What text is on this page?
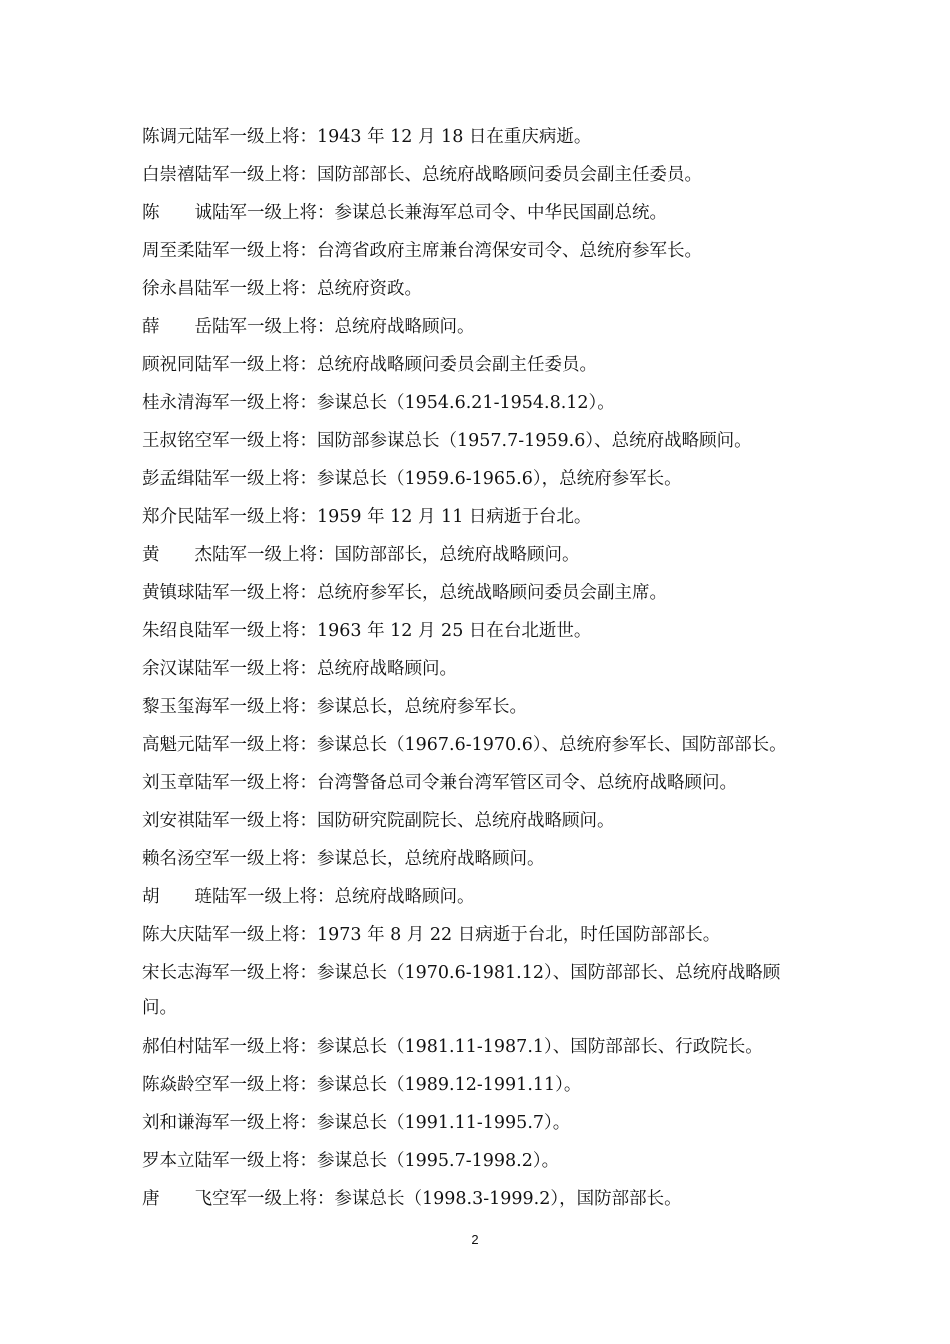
陈调元陆军一级上将：1943 年 12 月 18 日在重庆病逝。
白崇禧陆军一级上将：国防部部长、总统府战略顾问委员会副主任委员。
陈　　诚陆军一级上将：参谋总长兼海军总司令、中华民国副总统。
周至柔陆军一级上将：台湾省政府主席兼台湾保安司令、总统府参军长。
徐永昌陆军一级上将：总统府资政。
薛　　岳陆军一级上将：总统府战略顾问。
顾祝同陆军一级上将：总统府战略顾问委员会副主任委员。
桂永清海军一级上将：参谋总长（1954.6.21-1954.8.12）。
王叔铭空军一级上将：国防部参谋总长（1957.7-1959.6）、总统府战略顾问。
彭孟缉陆军一级上将：参谋总长（1959.6-1965.6），总统府参军长。
郑介民陆军一级上将：1959 年 12 月 11 日病逝于台北。
黄　　杰陆军一级上将：国防部部长，总统府战略顾问。
黄镇球陆军一级上将：总统府参军长，总统战略顾问委员会副主席。
朱绍良陆军一级上将：1963 年 12 月 25 日在台北逝世。
余汉谋陆军一级上将：总统府战略顾问。
黎玉玺海军一级上将：参谋总长，总统府参军长。
高魁元陆军一级上将：参谋总长（1967.6-1970.6）、总统府参军长、国防部部长。
刘玉章陆军一级上将：台湾警备总司令兼台湾军管区司令、总统府战略顾问。
刘安祺陆军一级上将：国防研究院副院长、总统府战略顾问。
赖名汤空军一级上将：参谋总长，总统府战略顾问。
胡　　琏陆军一级上将：总统府战略顾问。
陈大庆陆军一级上将：1973 年 8 月 22 日病逝于台北，时任国防部部长。
宋长志海军一级上将：参谋总长（1970.6-1981.12）、国防部部长、总统府战略顾
问。
郝伯村陆军一级上将：参谋总长（1981.11-1987.1）、国防部部长、行政院长。
陈焱龄空军一级上将：参谋总长（1989.12-1991.11）。
刘和谦海军一级上将：参谋总长（1991.11-1995.7）。
罗本立陆军一级上将：参谋总长（1995.7-1998.2）。
唐　　飞空军一级上将：参谋总长（1998.3-1999.2），国防部部长。
2
